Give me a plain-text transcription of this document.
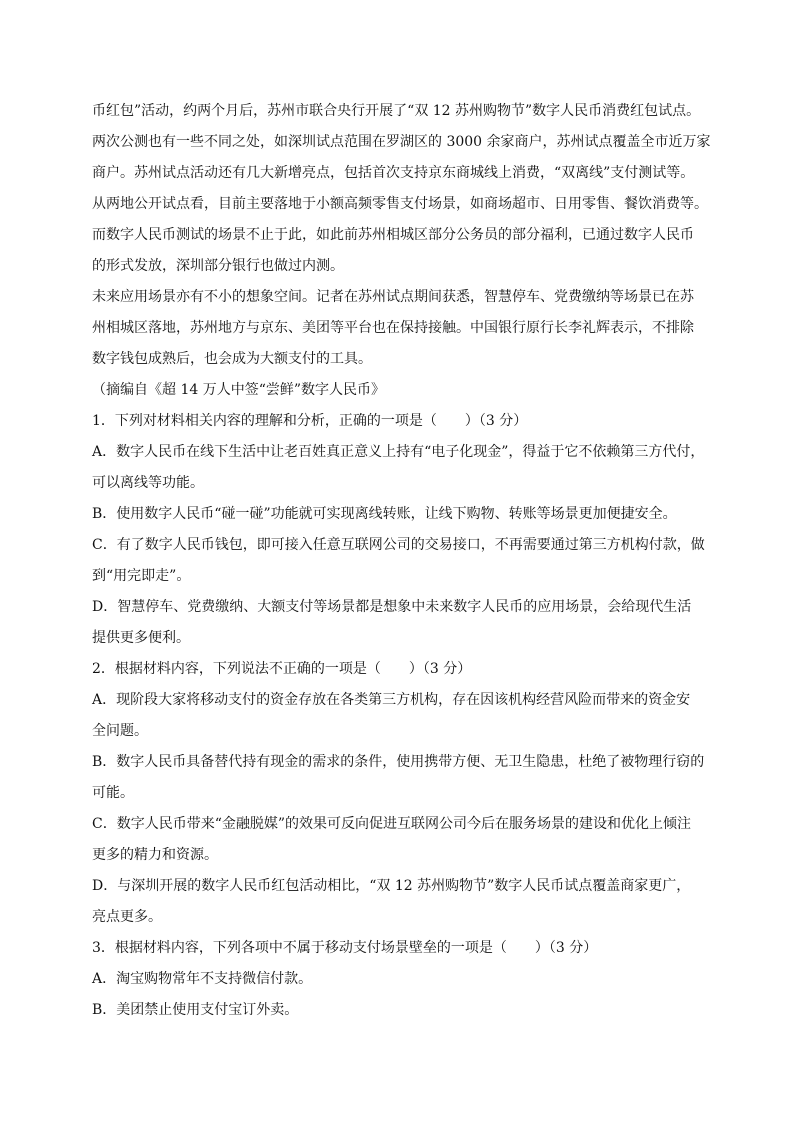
币红包”活动，约两个月后，苏州市联合央行开展了“双 12 苏州购物节”数字人民币消费红包试点。
两次公测也有一些不同之处，如深圳试点范围在罗湖区的 3000 余家商户，苏州试点覆盖全市近万家
商户。苏州试点活动还有几大新增亮点，包括首次支持京东商城线上消费，“双离线”支付测试等。
从两地公开试点看，目前主要落地于小额高频零售支付场景，如商场超市、日用零售、餐饮消费等。
而数字人民币测试的场景不止于此，如此前苏州相城区部分公务员的部分福利，已通过数字人民币
的形式发放，深圳部分银行也做过内测。
未来应用场景亦有不小的想象空间。记者在苏州试点期间获悉，智慧停车、党费缴纳等场景已在苏
州相城区落地，苏州地方与京东、美团等平台也在保持接触。中国银行原行长李礼辉表示，不排除
数字钱包成熟后，也会成为大额支付的工具。
（摘编自《超 14 万人中签“尝鲜”数字人民币》
1．下列对材料相关内容的理解和分析，正确的一项是（　　）（3 分）
A．数字人民币在线下生活中让老百姓真正意义上持有“电子化现金”，得益于它不依赖第三方代付，
可以离线等功能。
B．使用数字人民币“碰一碰”功能就可实现离线转账，让线下购物、转账等场景更加便捷安全。
C．有了数字人民币钱包，即可接入任意互联网公司的交易接口，不再需要通过第三方机构付款，做
到“用完即走”。
D．智慧停车、党费缴纳、大额支付等场景都是想象中未来数字人民币的应用场景，会给现代生活
提供更多便利。
2．根据材料内容，下列说法不正确的一项是（　　）（3 分）
A．现阶段大家将移动支付的资金存放在各类第三方机构，存在因该机构经营风险而带来的资金安
全问题。
B．数字人民币具备替代持有现金的需求的条件，使用携带方便、无卫生隐患，杜绝了被物理行窃的
可能。
C．数字人民币带来“金融脱媒”的效果可反向促进互联网公司今后在服务场景的建设和优化上倾注
更多的精力和资源。
D．与深圳开展的数字人民币红包活动相比，“双 12 苏州购物节”数字人民币试点覆盖商家更广，
亮点更多。
3．根据材料内容，下列各项中不属于移动支付场景壁垒的一项是（　　）（3 分）
A．淘宝购物常年不支持微信付款。
B．美团禁止使用支付宝订外卖。
